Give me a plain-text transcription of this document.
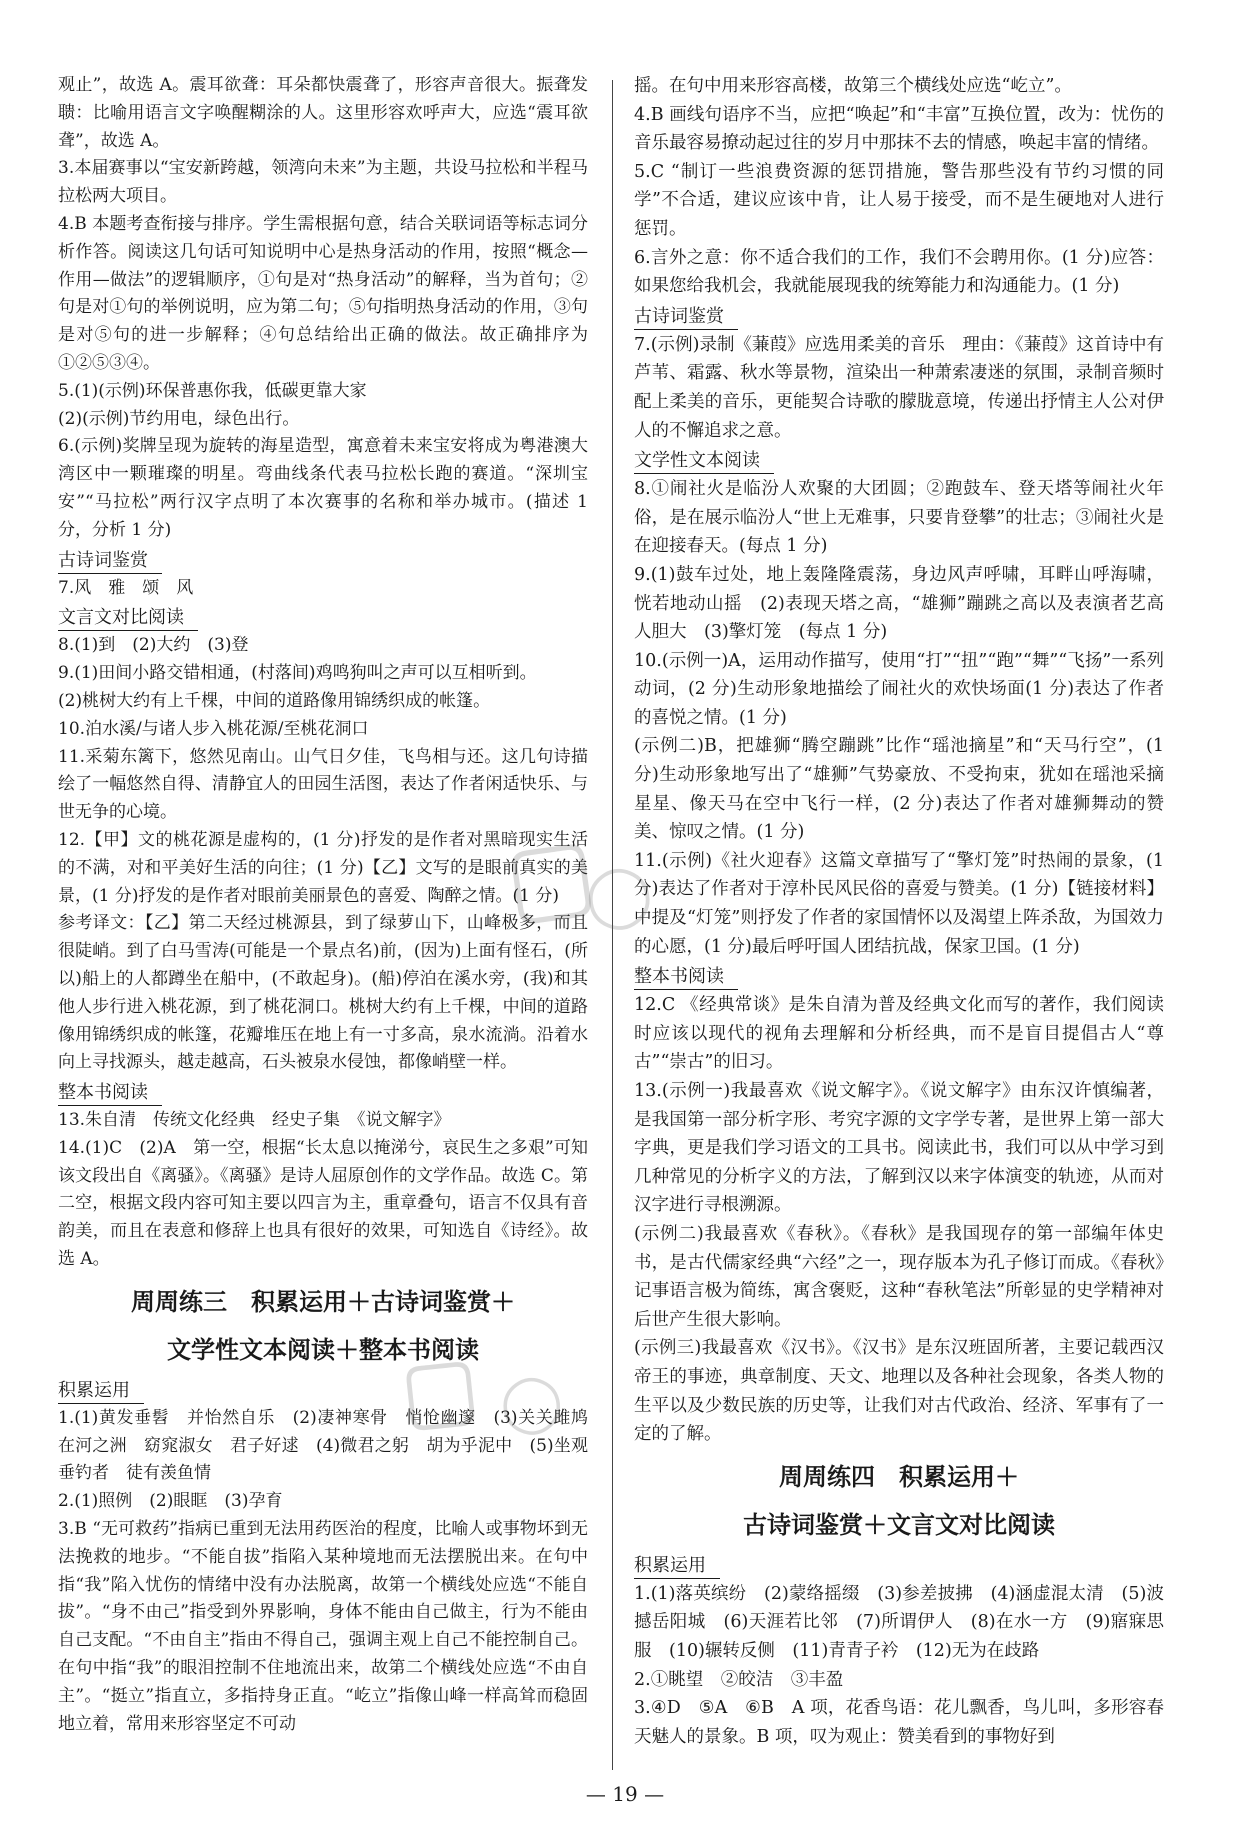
观止”，故选 A。震耳欲聋：耳朵都快震聋了，形容声音很大。振聋发聩：比喻用语言文字唤醒糊涂的人。这里形容欢呼声大，应选“震耳欲聋”，故选 A。

3.本届赛事以“宝安新跨越，领湾向未来”为主题，共设马拉松和半程马拉松两大项目。

4.B 本题考查衔接与排序。学生需根据句意，结合关联词语等标志词分析作答。阅读这几句话可知说明中心是热身活动的作用，按照“概念—作用—做法”的逻辑顺序，①句是对“热身活动”的解释，当为首句；②句是对①句的举例说明，应为第二句；⑤句指明热身活动的作用，③句是对⑤句的进一步解释；④句总结给出正确的做法。故正确排序为①②⑤③④。

5.(1)(示例)环保普惠你我，低碳更靠大家

(2)(示例)节约用电，绿色出行。

6.(示例)奖牌呈现为旋转的海星造型，寓意着未来宝安将成为粤港澳大湾区中一颗璀璨的明星。弯曲线条代表马拉松长跑的赛道。“深圳宝安”“马拉松”两行汉字点明了本次赛事的名称和举办城市。(描述 1 分，分析 1 分)

古诗词鉴赏

7.风　雅　颂　风

文言文对比阅读

8.(1)到　(2)大约　(3)登

9.(1)田间小路交错相通，(村落间)鸡鸣狗叫之声可以互相听到。

(2)桃树大约有上千棵，中间的道路像用锦绣织成的帐篷。

10.泊水溪/与诸人步入桃花源/至桃花洞口

11.采菊东篱下，悠然见南山。山气日夕佳，飞鸟相与还。这几句诗描绘了一幅悠然自得、清静宜人的田园生活图，表达了作者闲适快乐、与世无争的心境。

12.【甲】文的桃花源是虚构的，(1 分)抒发的是作者对黑暗现实生活的不满，对和平美好生活的向往；(1 分)【乙】文写的是眼前真实的美景，(1 分)抒发的是作者对眼前美丽景色的喜爱、陶醉之情。(1 分)

参考译文：【乙】第二天经过桃源县，到了绿萝山下，山峰极多，而且很陡峭。到了白马雪涛(可能是一个景点名)前，(因为)上面有怪石，(所以)船上的人都蹲坐在船中，(不敢起身)。(船)停泊在溪水旁，(我)和其他人步行进入桃花源，到了桃花洞口。桃树大约有上千棵，中间的道路像用锦绣织成的帐篷，花瓣堆压在地上有一寸多高，泉水流淌。沿着水向上寻找源头，越走越高，石头被泉水侵蚀，都像峭壁一样。

整本书阅读

13.朱自清　传统文化经典　经史子集　《说文解字》

14.(1)C　(2)A　第一空，根据“长太息以掩涕兮，哀民生之多艰”可知该文段出自《离骚》。《离骚》是诗人屈原创作的文学作品。故选 C。第二空，根据文段内容可知主要以四言为主，重章叠句，语言不仅具有音韵美，而且在表意和修辞上也具有很好的效果，可知选自《诗经》。故选 A。

周周练三　积累运用＋古诗词鉴赏＋
文学性文本阅读＋整本书阅读
积累运用

1.(1)黄发垂髫　并怡然自乐　(2)凄神寒骨　悄怆幽邃　(3)关关雎鸠　在河之洲　窈窕淑女　君子好逑　(4)微君之躬　胡为乎泥中　(5)坐观垂钓者　徒有羡鱼情

2.(1)照例　(2)眼眶　(3)孕育

3.B “无可救药”指病已重到无法用药医治的程度，比喻人或事物坏到无法挽救的地步。“不能自拔”指陷入某种境地而无法摆脱出来。在句中指“我”陷入忧伤的情绪中没有办法脱离，故第一个横线处应选“不能自拔”。“身不由己”指受到外界影响，身体不能由自己做主，行为不能由自己支配。“不由自主”指由不得自己，强调主观上自己不能控制自己。在句中指“我”的眼泪控制不住地流出来，故第二个横线处应选“不由自主”。“挺立”指直立，多指持身正直。“屹立”指像山峰一样高耸而稳固地立着，常用来形容坚定不可动

摇。在句中用来形容高楼，故第三个横线处应选“屹立”。

4.B 画线句语序不当，应把“唤起”和“丰富”互换位置，改为：忧伤的音乐最容易撩动起过往的岁月中那抹不去的情感，唤起丰富的情绪。

5.C “制订一些浪费资源的惩罚措施，警告那些没有节约习惯的同学”不合适，建议应该中肯，让人易于接受，而不是生硬地对人进行惩罚。

6.言外之意：你不适合我们的工作，我们不会聘用你。(1 分)应答：如果您给我机会，我就能展现我的统筹能力和沟通能力。(1 分)

古诗词鉴赏

7.(示例)录制《蒹葭》应选用柔美的音乐　理由：《蒹葭》这首诗中有芦苇、霜露、秋水等景物，渲染出一种萧索凄迷的氛围，录制音频时配上柔美的音乐，更能契合诗歌的朦胧意境，传递出抒情主人公对伊人的不懈追求之意。

文学性文本阅读

8.①闹社火是临汾人欢聚的大团圆；②跑鼓车、登天塔等闹社火年俗，是在展示临汾人“世上无难事，只要肯登攀”的壮志；③闹社火是在迎接春天。(每点 1 分)

9.(1)鼓车过处，地上轰隆隆震荡，身边风声呼啸，耳畔山呼海啸，恍若地动山摇　(2)表现天塔之高，“雄狮”蹦跳之高以及表演者艺高人胆大　(3)擎灯笼　(每点 1 分)

10.(示例一)A，运用动作描写，使用“打”“扭”“跑”“舞”“飞扬”一系列动词，(2 分)生动形象地描绘了闹社火的欢快场面(1 分)表达了作者的喜悦之情。(1 分)

(示例二)B，把雄狮“腾空蹦跳”比作“瑶池摘星”和“天马行空”，(1 分)生动形象地写出了“雄狮”气势豪放、不受拘束，犹如在瑶池采摘星星、像天马在空中飞行一样，(2 分)表达了作者对雄狮舞动的赞美、惊叹之情。(1 分)

11.(示例)《社火迎春》这篇文章描写了“擎灯笼”时热闹的景象，(1 分)表达了作者对于淳朴民风民俗的喜爱与赞美。(1 分)【链接材料】中提及“灯笼”则抒发了作者的家国情怀以及渴望上阵杀敌，为国效力的心愿，(1 分)最后呼吁国人团结抗战，保家卫国。(1 分)

整本书阅读

12.C 《经典常谈》是朱自清为普及经典文化而写的著作，我们阅读时应该以现代的视角去理解和分析经典，而不是盲目提倡古人“尊古”“崇古”的旧习。

13.(示例一)我最喜欢《说文解字》。《说文解字》由东汉许慎编著，是我国第一部分析字形、考究字源的文字学专著，是世界上第一部大字典，更是我们学习语文的工具书。阅读此书，我们可以从中学习到几种常见的分析字义的方法，了解到汉以来字体演变的轨迹，从而对汉字进行寻根溯源。

(示例二)我最喜欢《春秋》。《春秋》是我国现存的第一部编年体史书，是古代儒家经典“六经”之一，现存版本为孔子修订而成。《春秋》记事语言极为简练，寓含褒贬，这种“春秋笔法”所彰显的史学精神对后世产生很大影响。

(示例三)我最喜欢《汉书》。《汉书》是东汉班固所著，主要记载西汉帝王的事迹，典章制度、天文、地理以及各种社会现象，各类人物的生平以及少数民族的历史等，让我们对古代政治、经济、军事有了一定的了解。

周周练四　积累运用＋
古诗词鉴赏＋文言文对比阅读
积累运用

1.(1)落英缤纷　(2)蒙络摇缀　(3)参差披拂　(4)涵虚混太清　(5)波撼岳阳城　(6)天涯若比邻　(7)所谓伊人　(8)在水一方　(9)寤寐思服　(10)辗转反侧　(11)青青子衿　(12)无为在歧路

2.①眺望　②皎洁　③丰盈

3.④D　⑤A　⑥B　A 项，花香鸟语：花儿飘香，鸟儿叫，多形容春天魅人的景象。B 项，叹为观止：赞美看到的事物好到

▢
◯
▢ ◯
— 19 —
